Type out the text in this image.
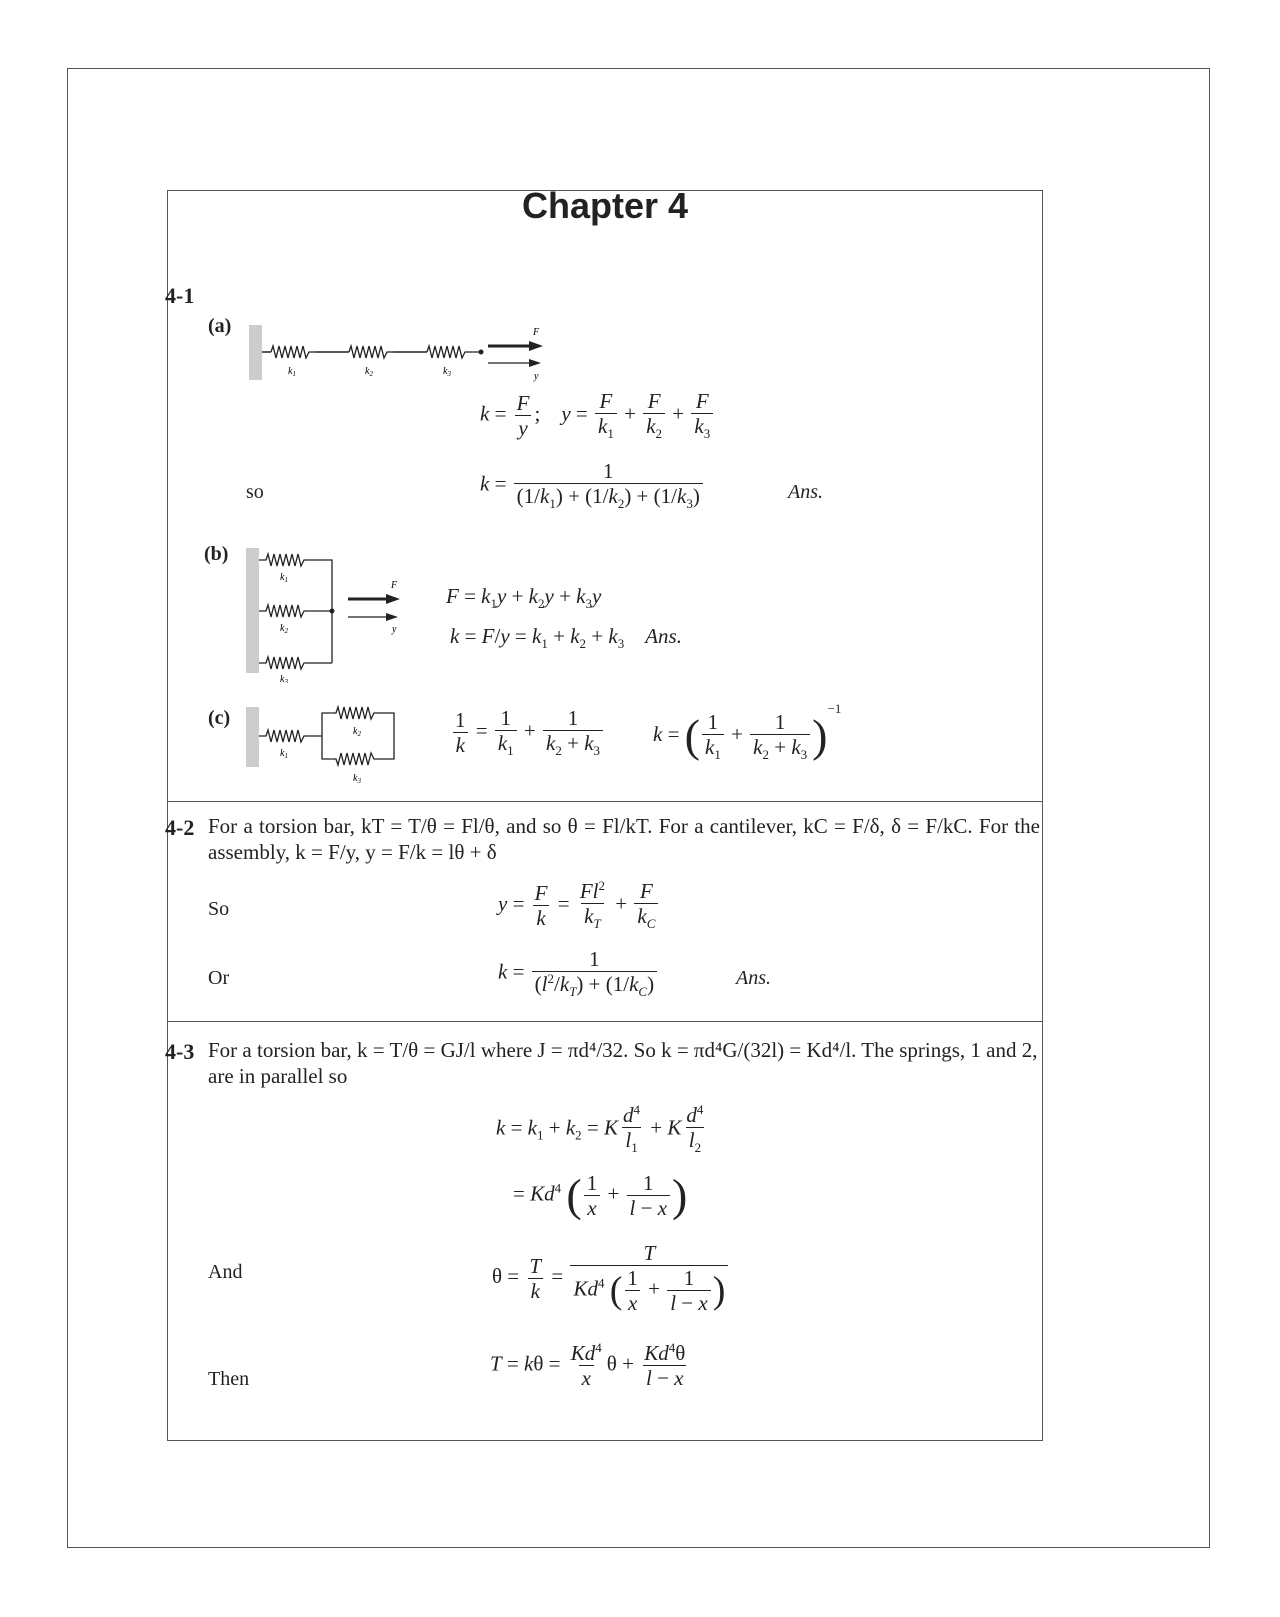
Chapter 4
4-1
(a)	F
y
$k_1$	$k_2$	$k_3$
$k = \frac{F}{y}$ ;    $y = \frac{F}{k_1} + \frac{F}{k_2} + \frac{F}{k_3}$
so	$k = \frac{1}{(1/k_1) + (1/k_2) + (1/k_3)}$	Ans.
(b)
F
y
$k_1$
$k_2$
$k_3$
$F = k_1y + k_2y + k_3y$
$k = F/y = k_1 + k_2 + k_3$ Ans.
(c)
$k_1$
$k_2$
$k_3$
$\frac{1}{k} = \frac{1}{k_1} + \frac{1}{k_2 + k_3}$ k = ( $\frac{1}{k_1} + \frac{1}{k_2 + k_3} )^{-1}$
4-2 For a torsion bar, kT = T/θ = Fl/θ, and so θ = Fl/kT. For a cantilever, kC = F/δ, δ = F/kC. For the assembly, k = F/y, y = F/k = lθ + δ
So	$y = \frac{F}{k} = \frac{Fl^2}{k_T} + \frac{F}{k_C}$
Or	$k = \frac{1}{(l^2/k_T) + (1/k_C)}$	Ans.
4-3 For a torsion bar, k = T/θ = GJ/l where J = πd⁴/32. So k = πd⁴G/(32l) = Kd⁴/l. The springs, 1 and 2, are in parallel so
$k = k_1 + k_2 = K \frac{d^4}{l_1} + K \frac{d^4}{l_2}$
= $Kd^4$ ( $\frac{1}{x} + \frac{1}{l - x}$ )
And	$\theta = \frac{T}{k} = \frac{T}{Kd^4 ( \frac{1}{x} + \frac{1}{l - x} )}$
Then
$T = k\theta = \frac{Kd^4}{x}$ $\theta + \frac{Kd^4\theta}{l - x}$
